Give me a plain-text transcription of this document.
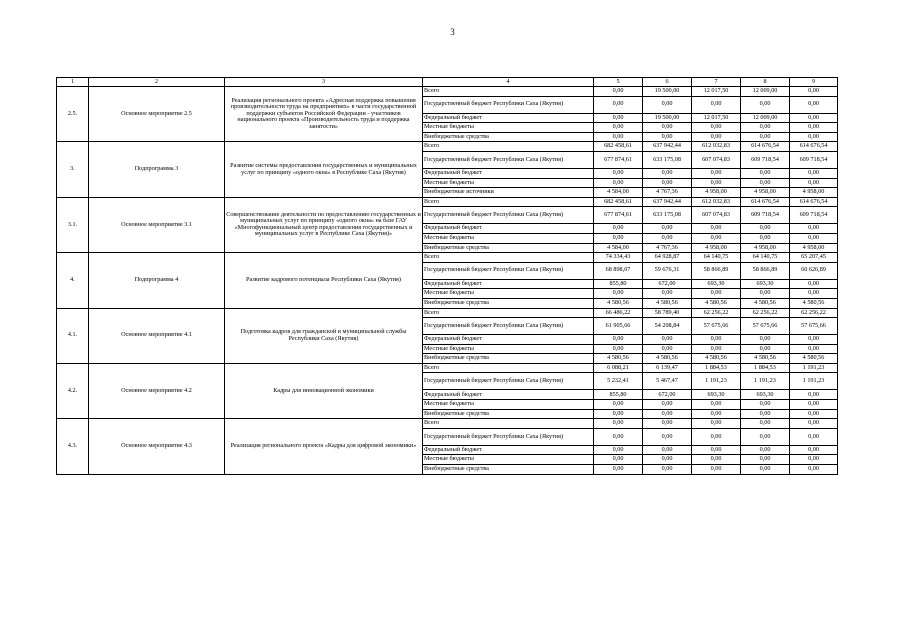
3
1	2	3	4	5	6	7	8	9
2.5.	Основное мероприятие 2.5	Реализация регионального проекта «Адресная поддержка повышения производительности труда на предприятиях» в части государственной поддержки субъектов Российской Федерации - участников национального проекта «Производительность труда и поддержка занятости»	Всего	0,00	19 500,00	12 017,50	12 009,00	0,00
			Государственный бюджет Республики Саха (Якутия)	0,00	0,00	0,00	0,00	0,00
			Федеральный бюджет	0,00	19 500,00	12 017,50	12 009,00	0,00
			Местные бюджеты	0,00	0,00	0,00	0,00	0,00
			Внебюджетные средства	0,00	0,00	0,00	0,00	0,00
3.	Подпрограмма 3	Развитие системы предоставления государственных и муниципальных услуг по принципу «одного окна» в Республике Саха (Якутия)	Всего	682 458,61	637 942,44	612 032,83	614 676,54	614 676,54
			Государственный бюджет Республики Саха (Якутия)	677 874,61	633 175,08	607 074,83	609 718,54	609 718,54
			Федеральный бюджет	0,00	0,00	0,00	0,00	0,00
			Местные бюджеты	0,00	0,00	0,00	0,00	0,00
			Внебюджетные источники	4 584,00	4 767,36	4 958,00	4 958,00	4 958,00
3.1.	Основное мероприятие 3.1	Совершенствование деятельности по предоставлению государственных и муниципальных услуг по принципу «одного окна» на базе ГАУ «Многофункциональный центр предоставления государственных и муниципальных услуг в Республике Саха (Якутия)»	Всего	682 458,61	637 942,44	612 032,83	614 676,54	614 676,54
			Государственный бюджет Республики Саха (Якутия)	677 874,61	633 175,08	607 074,83	609 718,54	609 718,54
			Федеральный бюджет	0,00	0,00	0,00	0,00	0,00
			Местные бюджеты	0,00	0,00	0,00	0,00	0,00
			Внебюджетные средства	4 584,00	4 767,36	4 958,00	4 958,00	4 958,00
4.	Подпрограмма 4	Развитие кадрового потенциала Республики Саха (Якутия)	Всего	74 334,43	64 928,87	64 140,75	64 140,75	65 207,45
			Государственный бюджет Республики Саха (Якутия)	68 898,07	59 676,31	58 866,89	58 866,89	60 626,89
			Федеральный бюджет	855,80	672,00	693,30	693,30	0,00
			Местные бюджеты	0,00	0,00	0,00	0,00	0,00
			Внебюджетные средства	4 580,56	4 580,56	4 580,56	4 580,56	4 580,56
4.1.	Основное мероприятие 4.1	Подготовка кадров для гражданской и муниципальной службы Республики Саха (Якутия)	Всего	66 486,22	58 789,40	62 256,22	62 256,22	62 256,22
			Государственный бюджет Республики Саха (Якутия)	61 905,66	54 208,84	57 675,66	57 675,66	57 675,66
			Федеральный бюджет	0,00	0,00	0,00	0,00	0,00
			Местные бюджеты	0,00	0,00	0,00	0,00	0,00
			Внебюджетные средства	4 580,56	4 580,56	4 580,56	4 580,56	4 580,56
4.2.	Основное мероприятие 4.2	Кадры для инновационной экономики	Всего	6 088,21	6 139,47	1 884,53	1 884,53	1 191,23
			Государственный бюджет Республики Саха (Якутия)	5 232,41	5 467,47	1 191,23	1 191,23	1 191,23
			Федеральный бюджет	855,80	672,00	693,30	693,30	0,00
			Местные бюджеты	0,00	0,00	0,00	0,00	0,00
			Внебюджетные средства	0,00	0,00	0,00	0,00	0,00
4.3.	Основное мероприятие 4.3	Реализация регионального проекта «Кадры для цифровой экономики»	Всего	0,00	0,00	0,00	0,00	0,00
			Государственный бюджет Республики Саха (Якутия)	0,00	0,00	0,00	0,00	0,00
			Федеральный бюджет	0,00	0,00	0,00	0,00	0,00
			Местные бюджеты	0,00	0,00	0,00	0,00	0,00
			Внебюджетные средства	0,00	0,00	0,00	0,00	0,00
